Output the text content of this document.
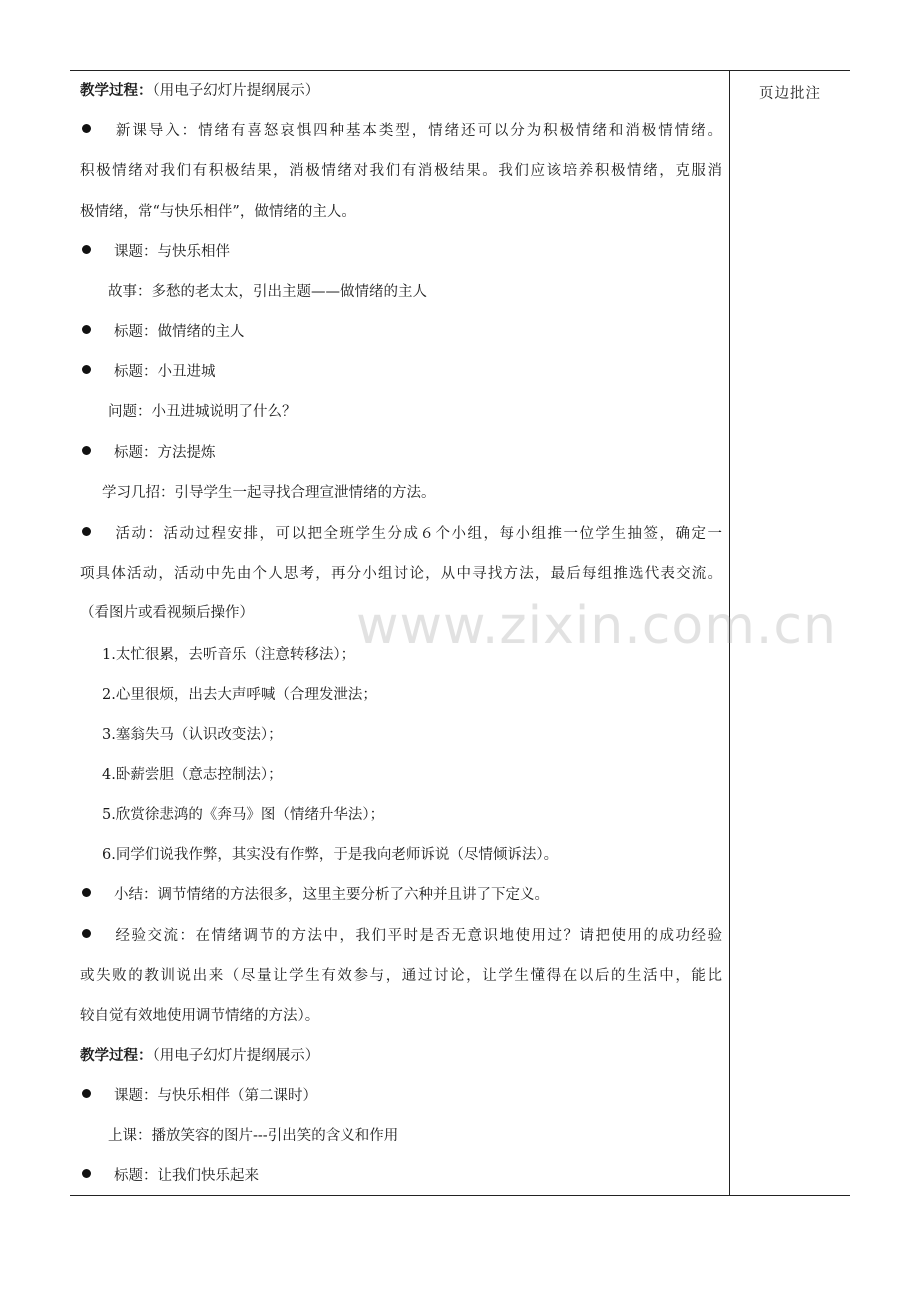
页边批注
教学过程：（用电子幻灯片提纲展示）
新课导入：情绪有喜怒哀惧四种基本类型，情绪还可以分为积极情绪和消极情情绪。
积极情绪对我们有积极结果，消极情绪对我们有消极结果。我们应该培养积极情绪，克服消
极情绪，常“与快乐相伴”，做情绪的主人。
课题：与快乐相伴
故事：多愁的老太太，引出主题——做情绪的主人
标题：做情绪的主人
标题：小丑进城
问题：小丑进城说明了什么？
标题：方法提炼
学习几招：引导学生一起寻找合理宣泄情绪的方法。
活动：活动过程安排，可以把全班学生分成６个小组，每小组推一位学生抽签，确定一
项具体活动，活动中先由个人思考，再分小组讨论，从中寻找方法，最后每组推选代表交流。
（看图片或看视频后操作）
1.太忙很累，去听音乐（注意转移法）；
2.心里很烦，出去大声呼喊（合理发泄法；
3.塞翁失马（认识改变法）；
4.卧薪尝胆（意志控制法）；
5.欣赏徐悲鸿的《奔马》图（情绪升华法）；
6.同学们说我作弊，其实没有作弊，于是我向老师诉说（尽情倾诉法）。
小结：调节情绪的方法很多，这里主要分析了六种并且讲了下定义。
经验交流：在情绪调节的方法中，我们平时是否无意识地使用过？请把使用的成功经验
或失败的教训说出来（尽量让学生有效参与，通过讨论，让学生懂得在以后的生活中，能比
较自觉有效地使用调节情绪的方法）。
教学过程：（用电子幻灯片提纲展示）
课题：与快乐相伴（第二课时）
上课：播放笑容的图片---引出笑的含义和作用
标题：让我们快乐起来
www.zixin.com.cn
